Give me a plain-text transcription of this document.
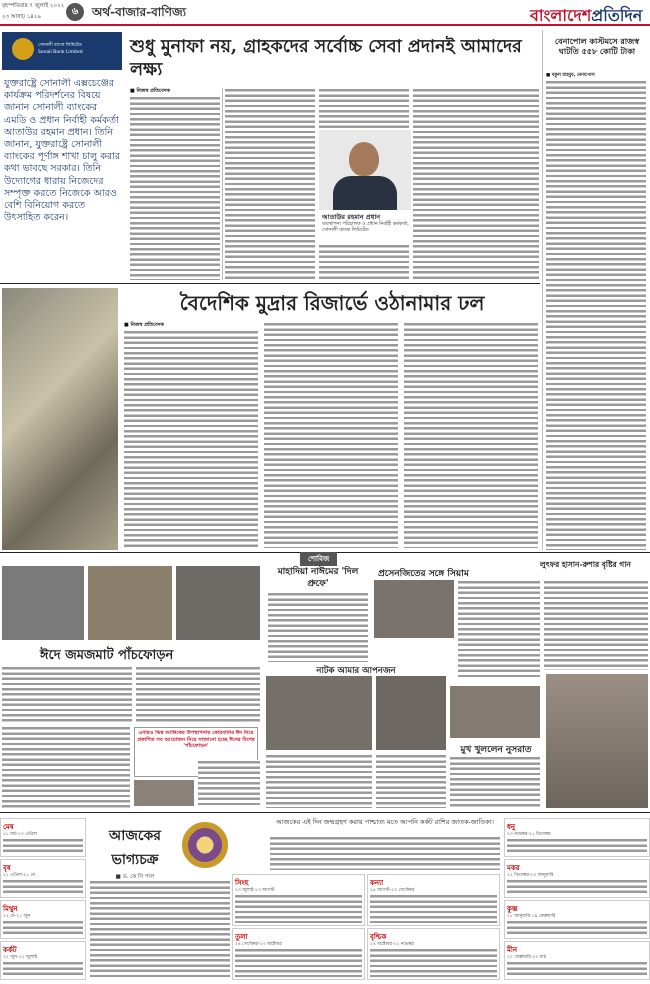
বৃহস্পতিবার ৭ জুলাই ২০২২
২৩ আষাঢ় ১৪২৯	৬	অর্থ-বাজার-বাণিজ্য	বাংলাদেশপ্রতিদিন
সোনালী ব্যাংক লিমিটেড
Sonali Bank Limited
যুক্তরাষ্ট্রে সোনালী এক্সচেঞ্জের কার্যক্রম পরিদর্শনের বিষয়ে জানান সোনালী ব্যাংকের এমডি ও প্রধান নির্বাহী কর্মকর্তা আতাউর রহমান প্রধান। তিনি জানান, যুক্তরাষ্ট্রে সোনালী ব্যাংকের পূর্ণাঙ্গ শাখা চালু করার কথা ভাবছে সরকার। তিনি উদ্যোগের ধারায় নিজেদের সম্পৃক্ত করতে নিজেকে আরও বেশি বিনিয়োগ করতে উৎসাহিত করেন।
শুধু মুনাফা নয়, গ্রাহকদের সর্বোচ্চ সেবা প্রদানই আমাদের লক্ষ্য
■ নিজস্ব প্রতিবেদক
আতাউর রহমান প্রধান
ব্যবস্থাপনা পরিচালক ও প্রধান নির্বাহী কর্মকর্তা, সোনালী ব্যাংক লিমিটেড
বেনাপোল কাস্টমসে রাজস্ব ঘাটতি ৫৫৮ কোটি টাকা
■ বকুল মাহবুব, বেনাপোল
বৈদেশিক মুদ্রার রিজার্ভে ওঠানামার ঢল
■ নিজস্ব প্রতিবেদক
শোবিজ
ঈদে জমজমাট পাঁচফোড়ন
মাহাদিয়া নাঈমের 'দিল প্রুফে'
প্রসেনজিতের সঙ্গে সিয়াম
লুৎফর হাসান-রুশার বৃষ্টির গান
এবারও ভিন্ন আঙ্গিকের উপস্থাপনায় কোরবানির ঈদ নিয়ে প্রকাশিত সব আয়োজন নিয়ে সাজানো হচ্ছে ঈদের বিশেষ 'পাঁচফোড়ন'	মুখ খুললেন নুসরাত
নাটক আমার আপনজন
আজকের
ভাগ্যচক্র
■ ড. কে সি পাল
আজকের এই দিন জন্মগ্রহণ করায় পাশ্চাত্য মতে আপনি কর্কট রাশির জাতক-জাতিকা।
মেষ
২১ মার্চ-২০ এপ্রিল
বৃষ
২১ এপ্রিল-২১ মে
মিথুন
২২ মে-২১ জুন
কর্কট
২২ জুন-২২ জুলাই
সিংহ
২৩ জুলাই-২৩ আগস্ট
কন্যা
২৪ আগস্ট-২৩ সেপ্টেম্বর
তুলা
২৪ সেপ্টেম্বর-২৩ অক্টোবর
বৃশ্চিক
২৪ অক্টোবর-২২ নভেম্বর
ধনু
২৩ নভেম্বর-২১ ডিসেম্বর
মকর
২২ ডিসেম্বর-২০ জানুয়ারি
কুম্ভ
২১ জানুয়ারি-১৯ ফেব্রুয়ারি
মীন
২০ ফেব্রুয়ারি-২০ মার্চ
